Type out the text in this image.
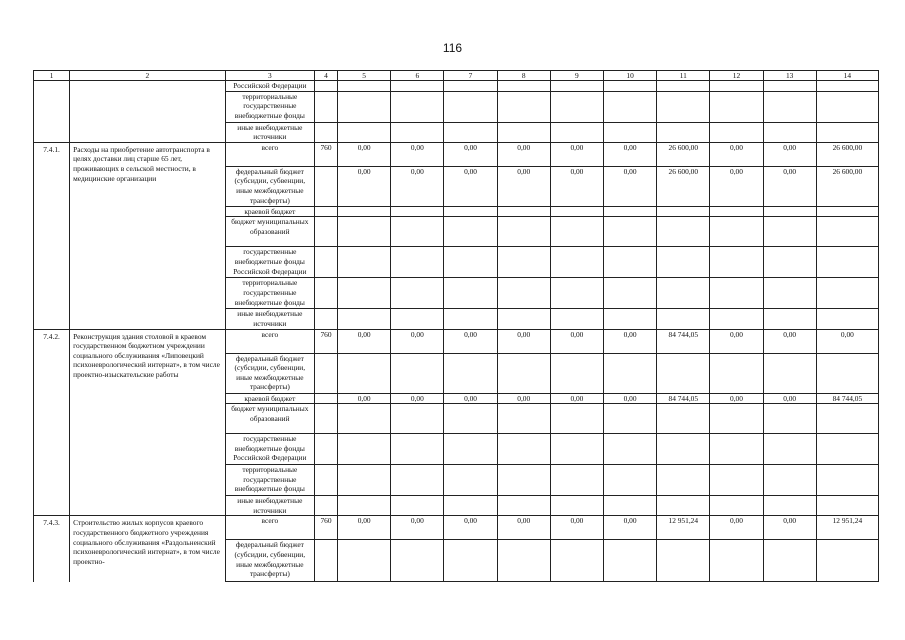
116
1	2	3	4	5	6	7	8	9	10	11	12	13	14
		Российской Федерации											
		территориальные государственные внебюджетные фонды											
		иные внебюджетные источники											
7.4.1.	Расходы на приобретение автотранспорта в целях доставки лиц старше 65 лет, проживающих в сельской местности, в медицинские организации	всего	760	0,00	0,00	0,00	0,00	0,00	0,00	26 600,00	0,00	0,00	26 600,00
		федеральный бюджет (субсидии, субвенции, иные межбюджетные трансферты)		0,00	0,00	0,00	0,00	0,00	0,00	26 600,00	0,00	0,00	26 600,00
		краевой бюджет											
		бюджет муниципальных образований											
		государственные внебюджетные фонды Российской Федерации											
		территориальные государственные внебюджетные фонды											
		иные внебюджетные источники											
7.4.2.	Реконструкция здания столовой в краевом государственном бюджетном учреждении социального обслуживания «Липовецкий психоневрологический интернат», в том числе проектно-изыскательские работы	всего	760	0,00	0,00	0,00	0,00	0,00	0,00	84 744,05	0,00	0,00	0,00
		федеральный бюджет (субсидии, субвенции, иные межбюджетные трансферты)											
		краевой бюджет		0,00	0,00	0,00	0,00	0,00	0,00	84 744,05	0,00	0,00	84 744,05
		бюджет муниципальных образований											
		государственные внебюджетные фонды Российской Федерации											
		территориальные государственные внебюджетные фонды											
		иные внебюджетные источники											
7.4.3.	Строительство жилых корпусов краевого государственного бюджетного учреждения социального обслуживания «Раздольненский психоневрологический интернат», в том числе проектно-	всего	760	0,00	0,00	0,00	0,00	0,00	0,00	12 951,24	0,00	0,00	12 951,24
		федеральный бюджет (субсидии, субвенции, иные межбюджетные трансферты)											
